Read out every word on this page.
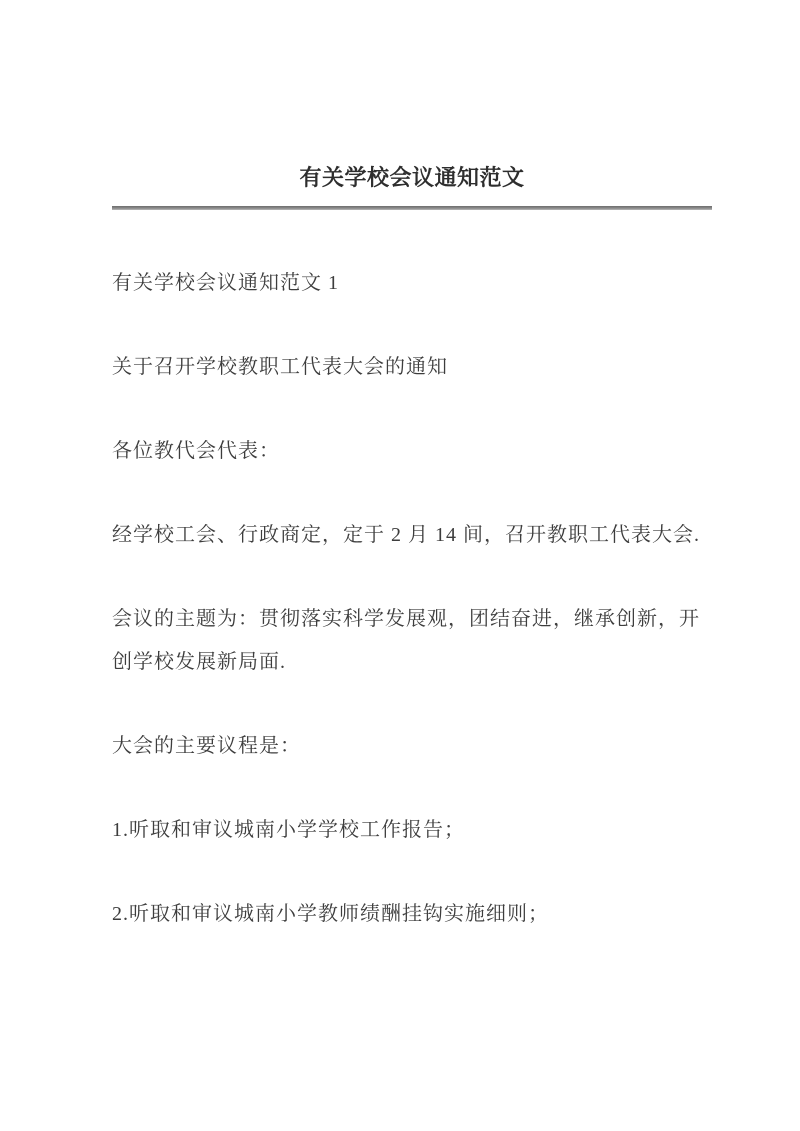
有关学校会议通知范文

有关学校会议通知范文 1

关于召开学校教职工代表大会的通知

各位教代会代表：

经学校工会、行政商定，定于 2 月 14 间，召开教职工代表大会.

会议的主题为：贯彻落实科学发展观，团结奋进，继承创新，开创学校发展新局面.

大会的主要议程是：

1.听取和审议城南小学学校工作报告；

2.听取和审议城南小学教师绩酬挂钩实施细则；
